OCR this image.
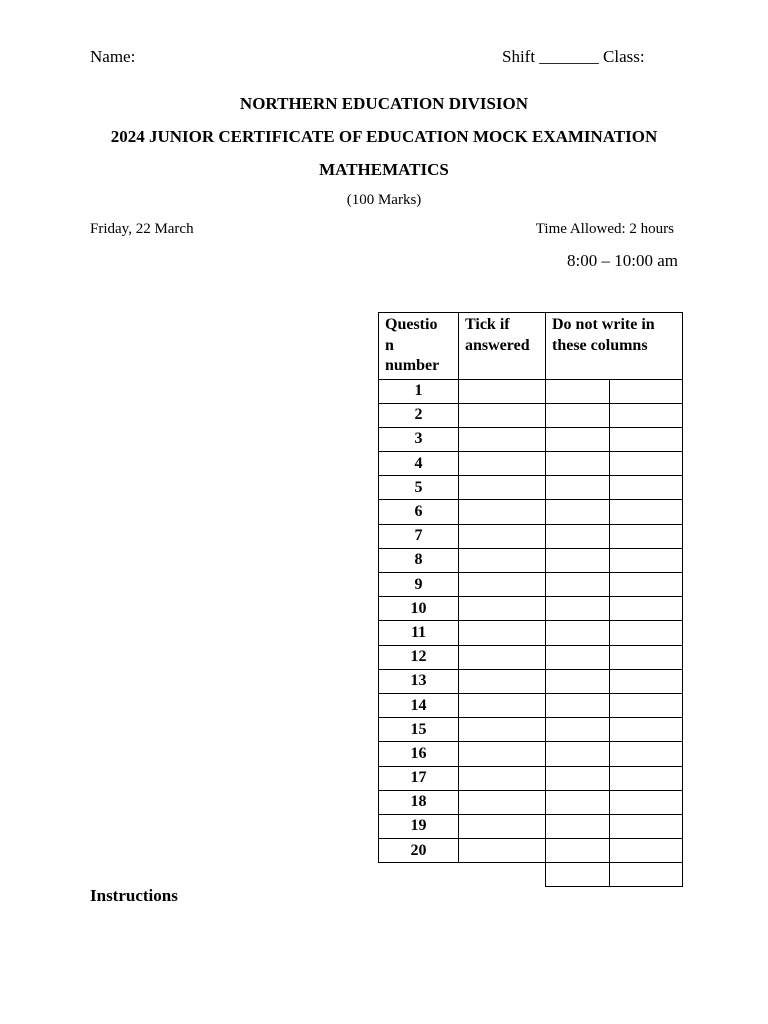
Name:	Shift _______ Class:
NORTHERN EDUCATION DIVISION
2024 JUNIOR CERTIFICATE OF EDUCATION MOCK EXAMINATION
MATHEMATICS
(100 Marks)
Friday, 22 March	Time Allowed: 2 hours
8:00 – 10:00 am
Questio n number	Tick if answered	Do not write in these columns	

1			
2			
3			
4			
5			
6			
7			
8			
9			
10			
11			
12			
13			
14			
15			
16			
17			
18			
19			
20			

Instructions
